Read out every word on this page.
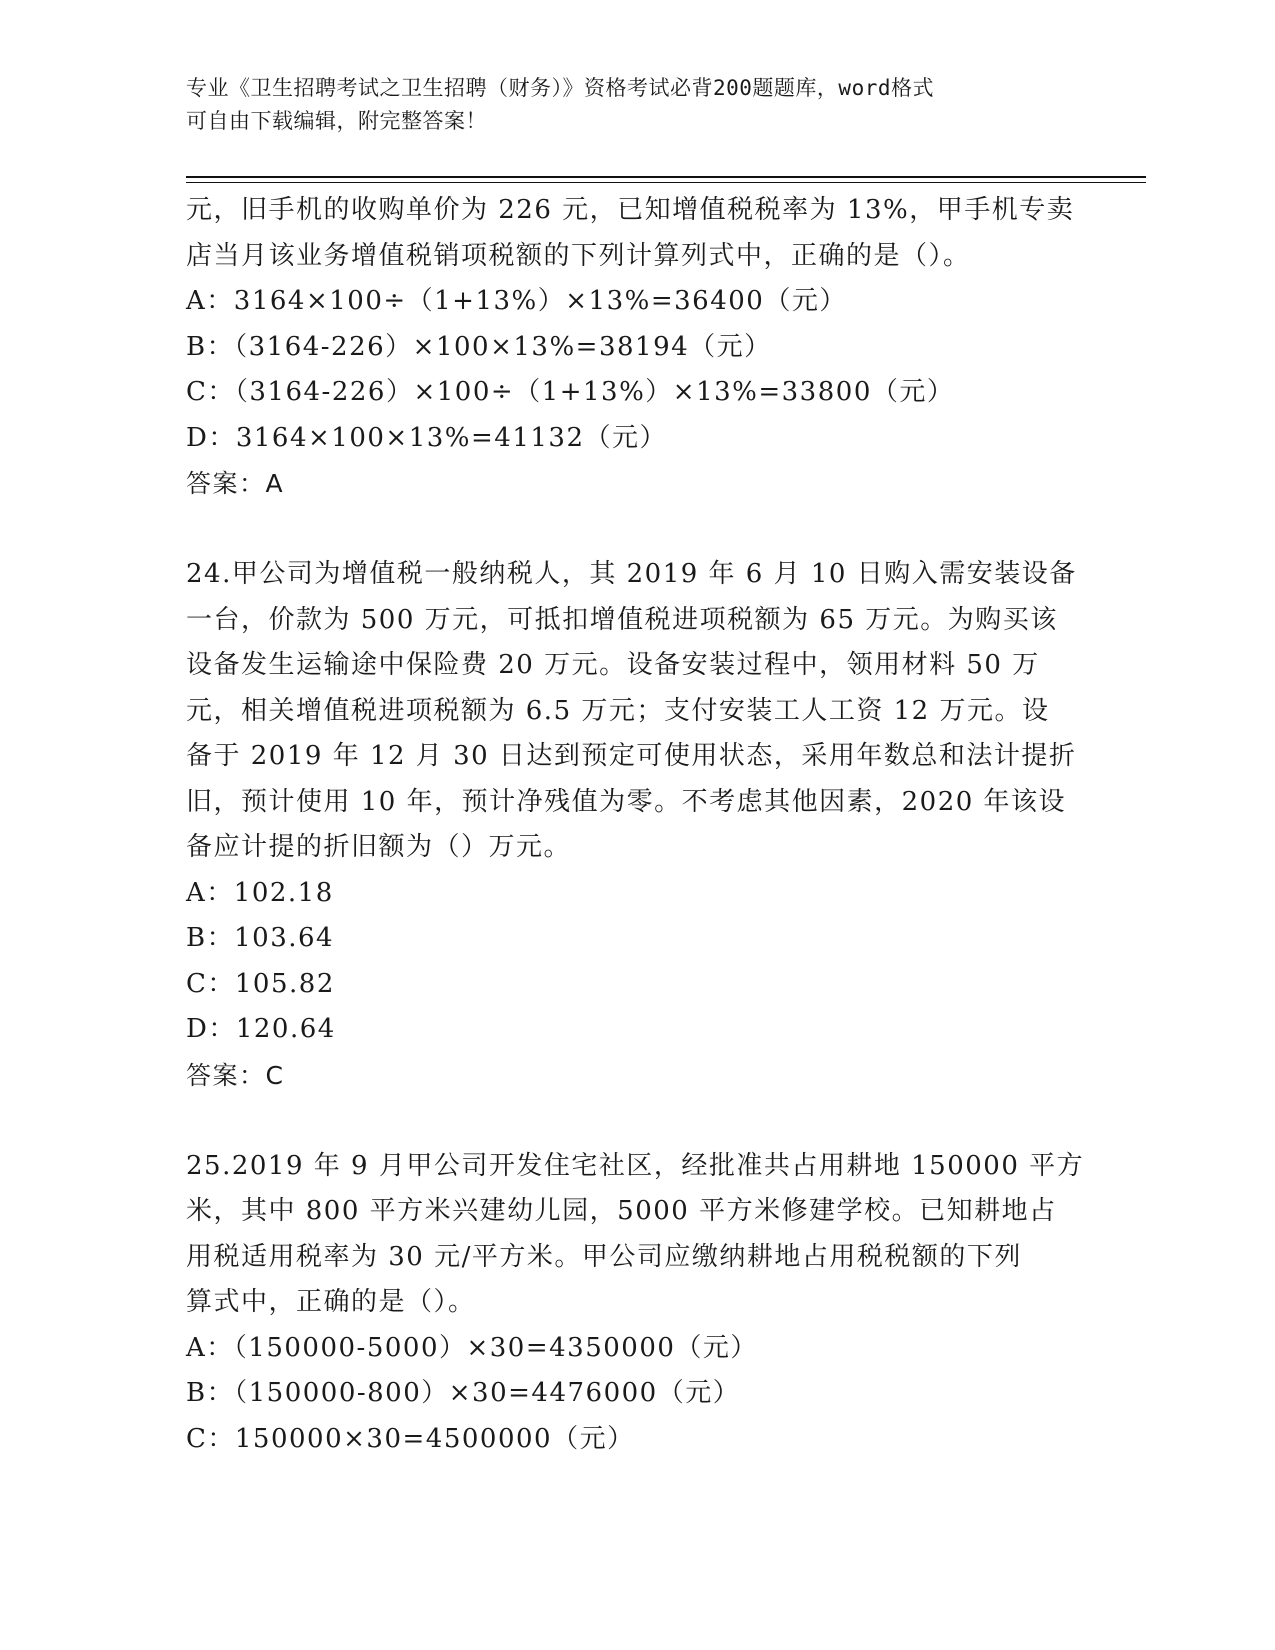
专业《卫生招聘考试之卫生招聘（财务）》资格考试必背200题题库，word格式
可自由下载编辑，附完整答案！
元，旧手机的收购单价为 226 元，已知增值税税率为 13%，甲手机专卖
店当月该业务增值税销项税额的下列计算列式中，正确的是（）。
A：3164×100÷（1+13%）×13%=36400（元）
B：（3164-226）×100×13%=38194（元）
C：（3164-226）×100÷（1+13%）×13%=33800（元）
D：3164×100×13%=41132（元）
答案：A
24.甲公司为增值税一般纳税人，其 2019 年 6 月 10 日购入需安装设备
一台，价款为 500 万元，可抵扣增值税进项税额为 65 万元。为购买该
设备发生运输途中保险费 20 万元。设备安装过程中，领用材料 50 万
元，相关增值税进项税额为 6.5 万元；支付安装工人工资 12 万元。设
备于 2019 年 12 月 30 日达到预定可使用状态，采用年数总和法计提折
旧，预计使用 10 年，预计净残值为零。不考虑其他因素，2020 年该设
备应计提的折旧额为（）万元。
A：102.18
B：103.64
C：105.82
D：120.64
答案：C
25.2019 年 9 月甲公司开发住宅社区，经批准共占用耕地 150000 平方
米，其中 800 平方米兴建幼儿园，5000 平方米修建学校。已知耕地占
用税适用税率为 30 元/平方米。甲公司应缴纳耕地占用税税额的下列
算式中，正确的是（）。
A：（150000-5000）×30=4350000（元）
B：（150000-800）×30=4476000（元）
C：150000×30=4500000（元）
